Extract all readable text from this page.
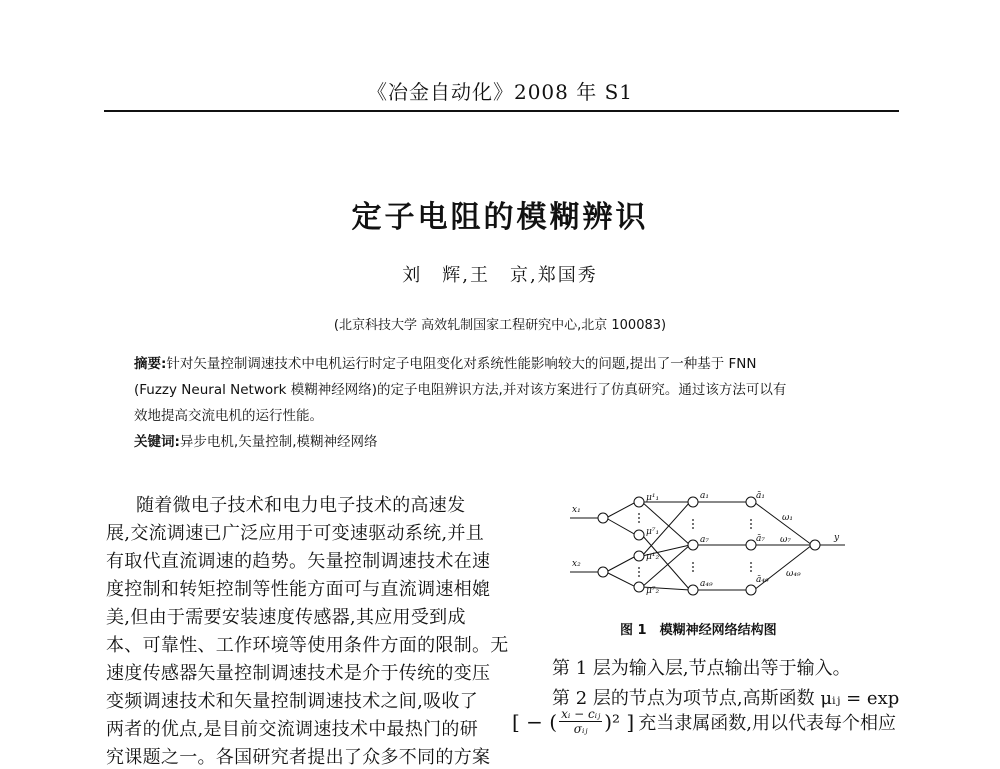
《冶金自动化》2008 年 S1
定子电阻的模糊辨识
刘　辉,王　京,郑国秀
(北京科技大学 高效轧制国家工程研究中心,北京 100083)
摘要:针对矢量控制调速技术中电机运行时定子电阻变化对系统性能影响较大的问题,提出了一种基于 FNN
(Fuzzy Neural Network 模糊神经网络)的定子电阻辨识方法,并对该方案进行了仿真研究。通过该方法可以有
效地提高交流电机的运行性能。
关键词:异步电机,矢量控制,模糊神经网络
随着微电子技术和电力电子技术的高速发
展,交流调速已广泛应用于可变速驱动系统,并且
有取代直流调速的趋势。矢量控制调速技术在速
度控制和转矩控制等性能方面可与直流调速相媲
美,但由于需要安装速度传感器,其应用受到成
本、可靠性、工作环境等使用条件方面的限制。无
速度传感器矢量控制调速技术是介于传统的变压
变频调速技术和矢量控制调速技术之间,吸收了
两者的优点,是目前交流调速技术中最热门的研
究课题之一。各国研究者提出了众多不同的方案
x₁
x₂
μ¹₁
μ⁷₁
μ¹₂
μ⁷₂
a₁
a₇
a₄₉
ā₁
ā₇
ā₄₉
ω₁
ω₇
ω₄₉
y
图 1　模糊神经网络结构图
第 1 层为输入层,节点输出等于输入。
第 2 层的节点为项节点,高斯函数 μᵢⱼ = exp
[ − ( xᵢ − cᵢⱼ
σᵢⱼ )² ] 充当隶属函数,用以代表每个相应
